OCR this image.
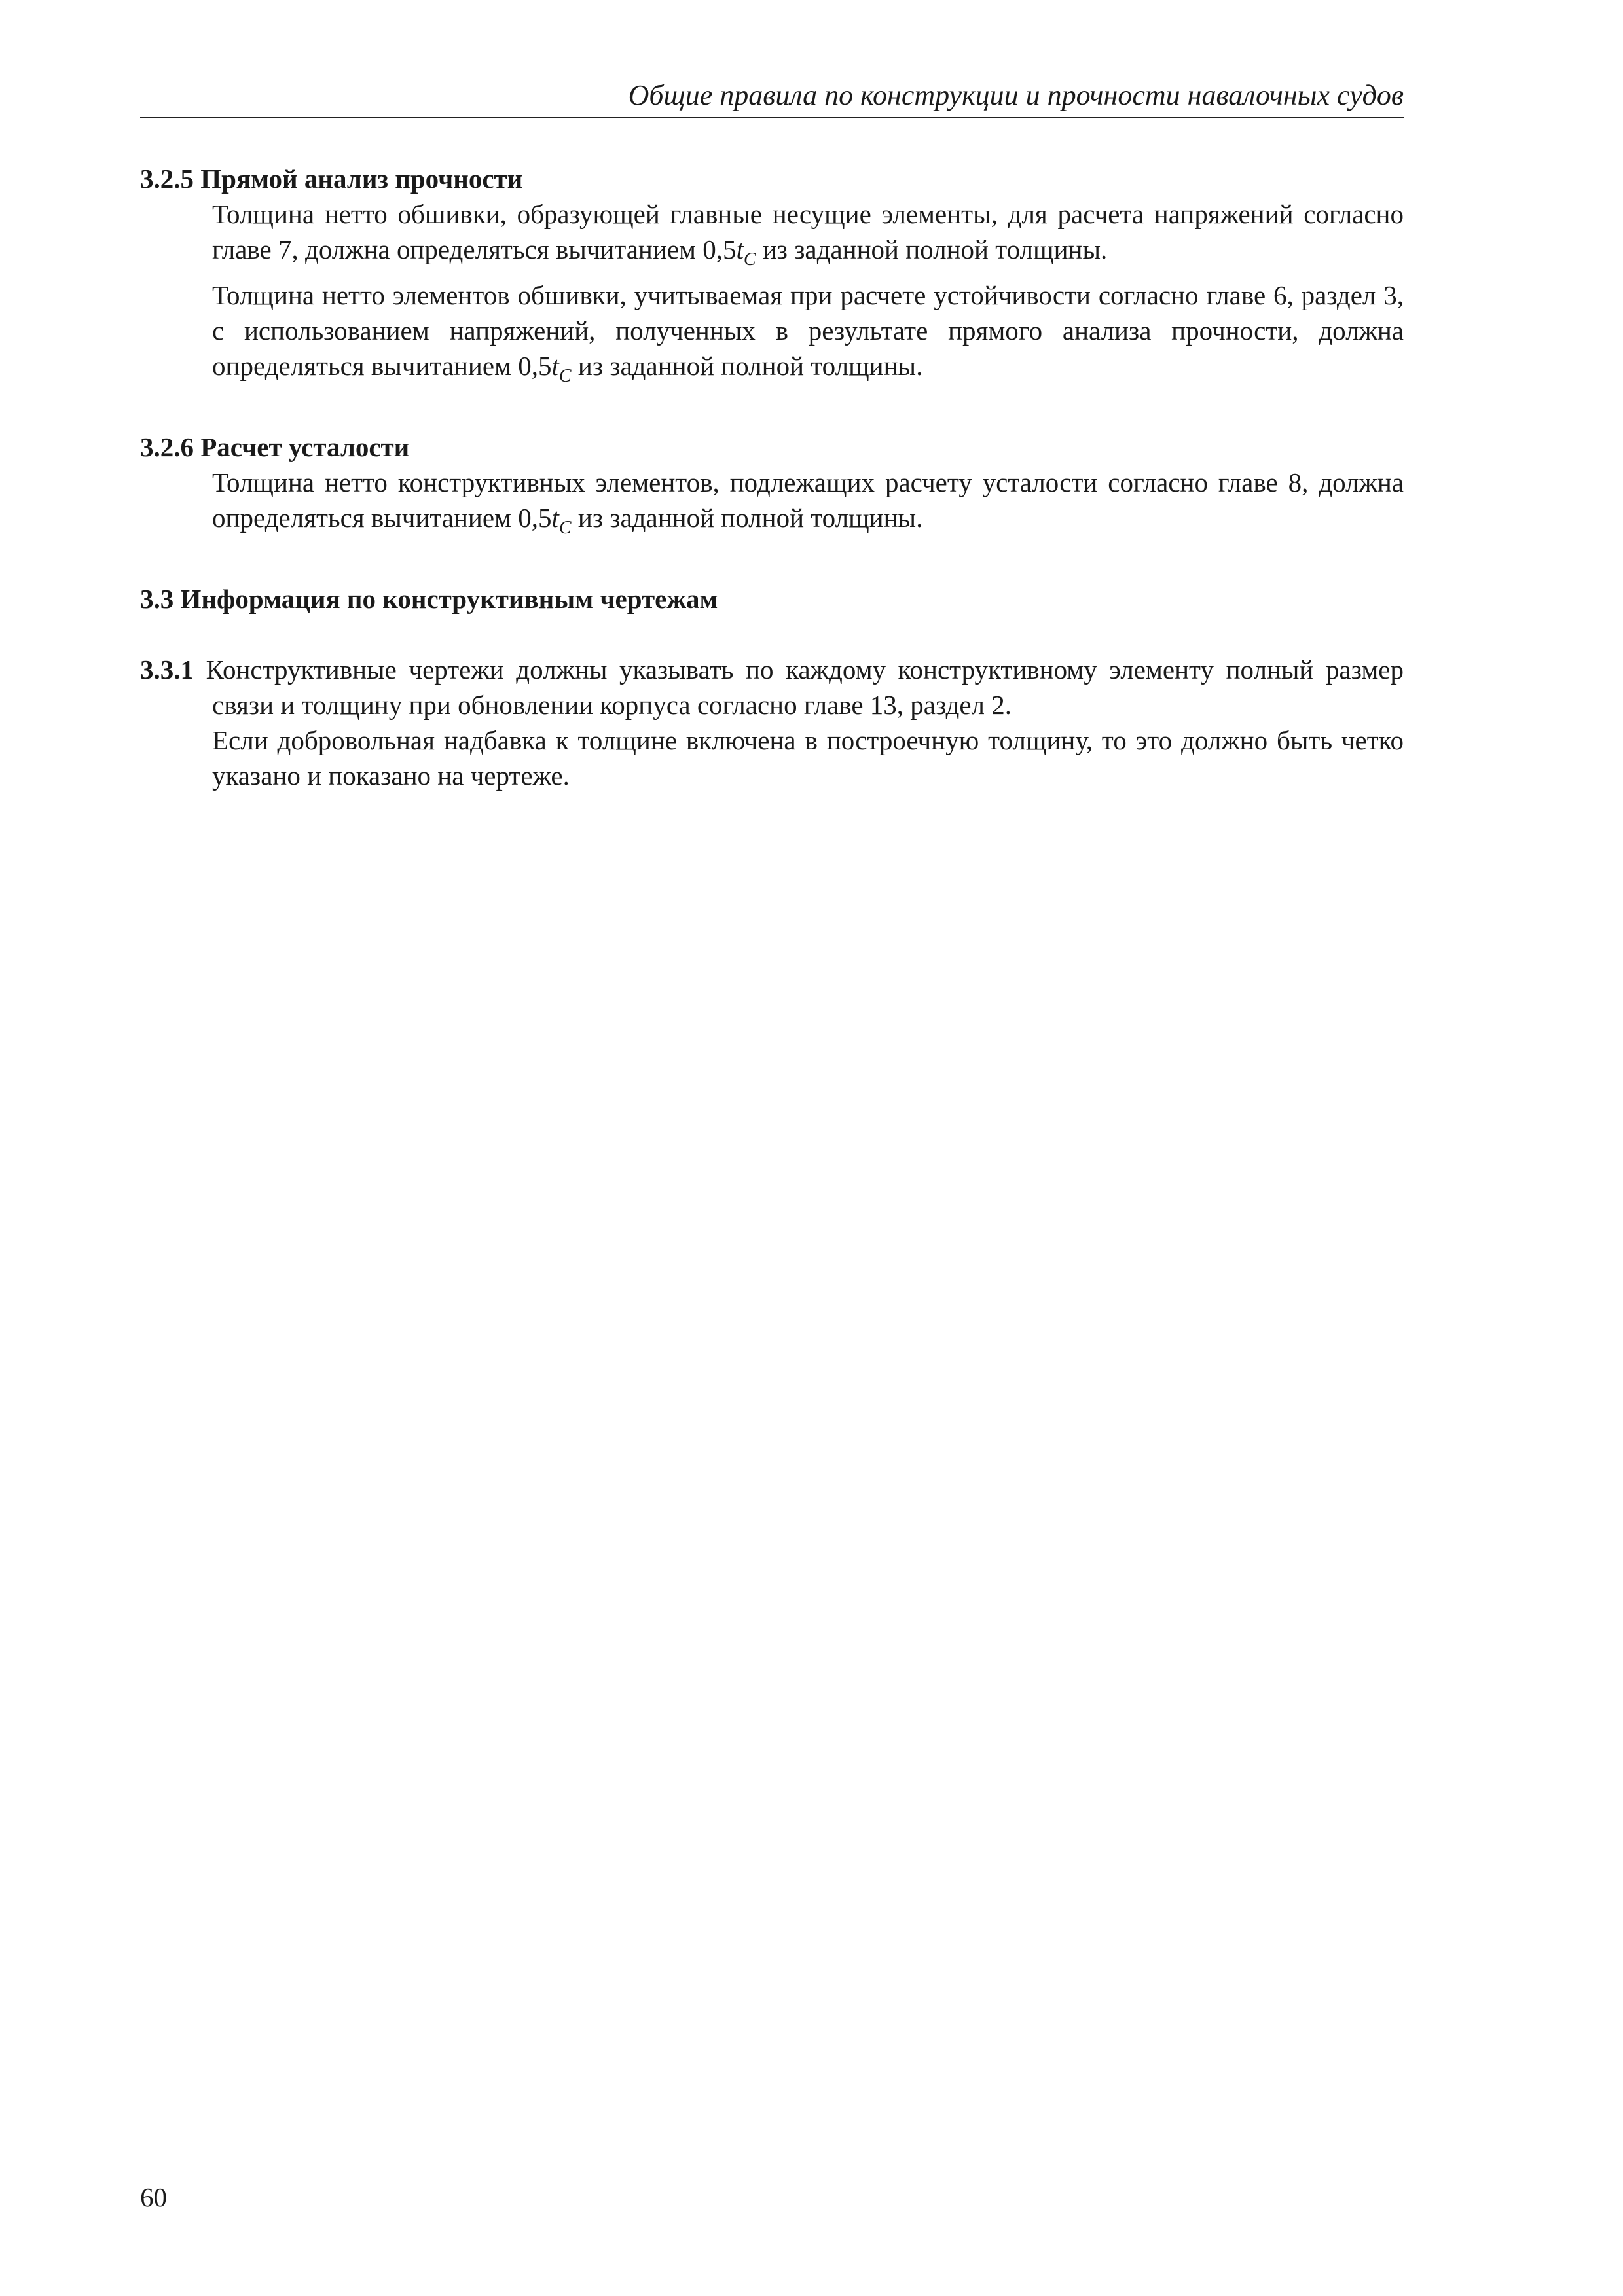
Общие правила по конструкции и прочности навалочных судов

3.2.5 Прямой анализ прочности

Толщина нетто обшивки, образующей главные несущие элементы, для расчета напряжений согласно главе 7, должна определяться вычитанием $0,5t_C$ из заданной полной толщины.

Толщина нетто элементов обшивки, учитываемая при расчете устойчивости согласно главе 6, раздел 3, с использованием напряжений, полученных в результате прямого анализа прочности, должна определяться вычитанием $0,5t_C$ из заданной полной толщины.

3.2.6 Расчет усталости

Толщина нетто конструктивных элементов, подлежащих расчету усталости согласно главе 8, должна определяться вычитанием $0,5t_C$ из заданной полной толщины.

3.3 Информация по конструктивным чертежам

3.3.1 Конструктивные чертежи должны указывать по каждому конструктивному элементу полный размер связи и толщину при обновлении корпуса согласно главе 13, раздел 2.

Если добровольная надбавка к толщине включена в построечную толщину, то это должно быть четко указано и показано на чертеже.

60
